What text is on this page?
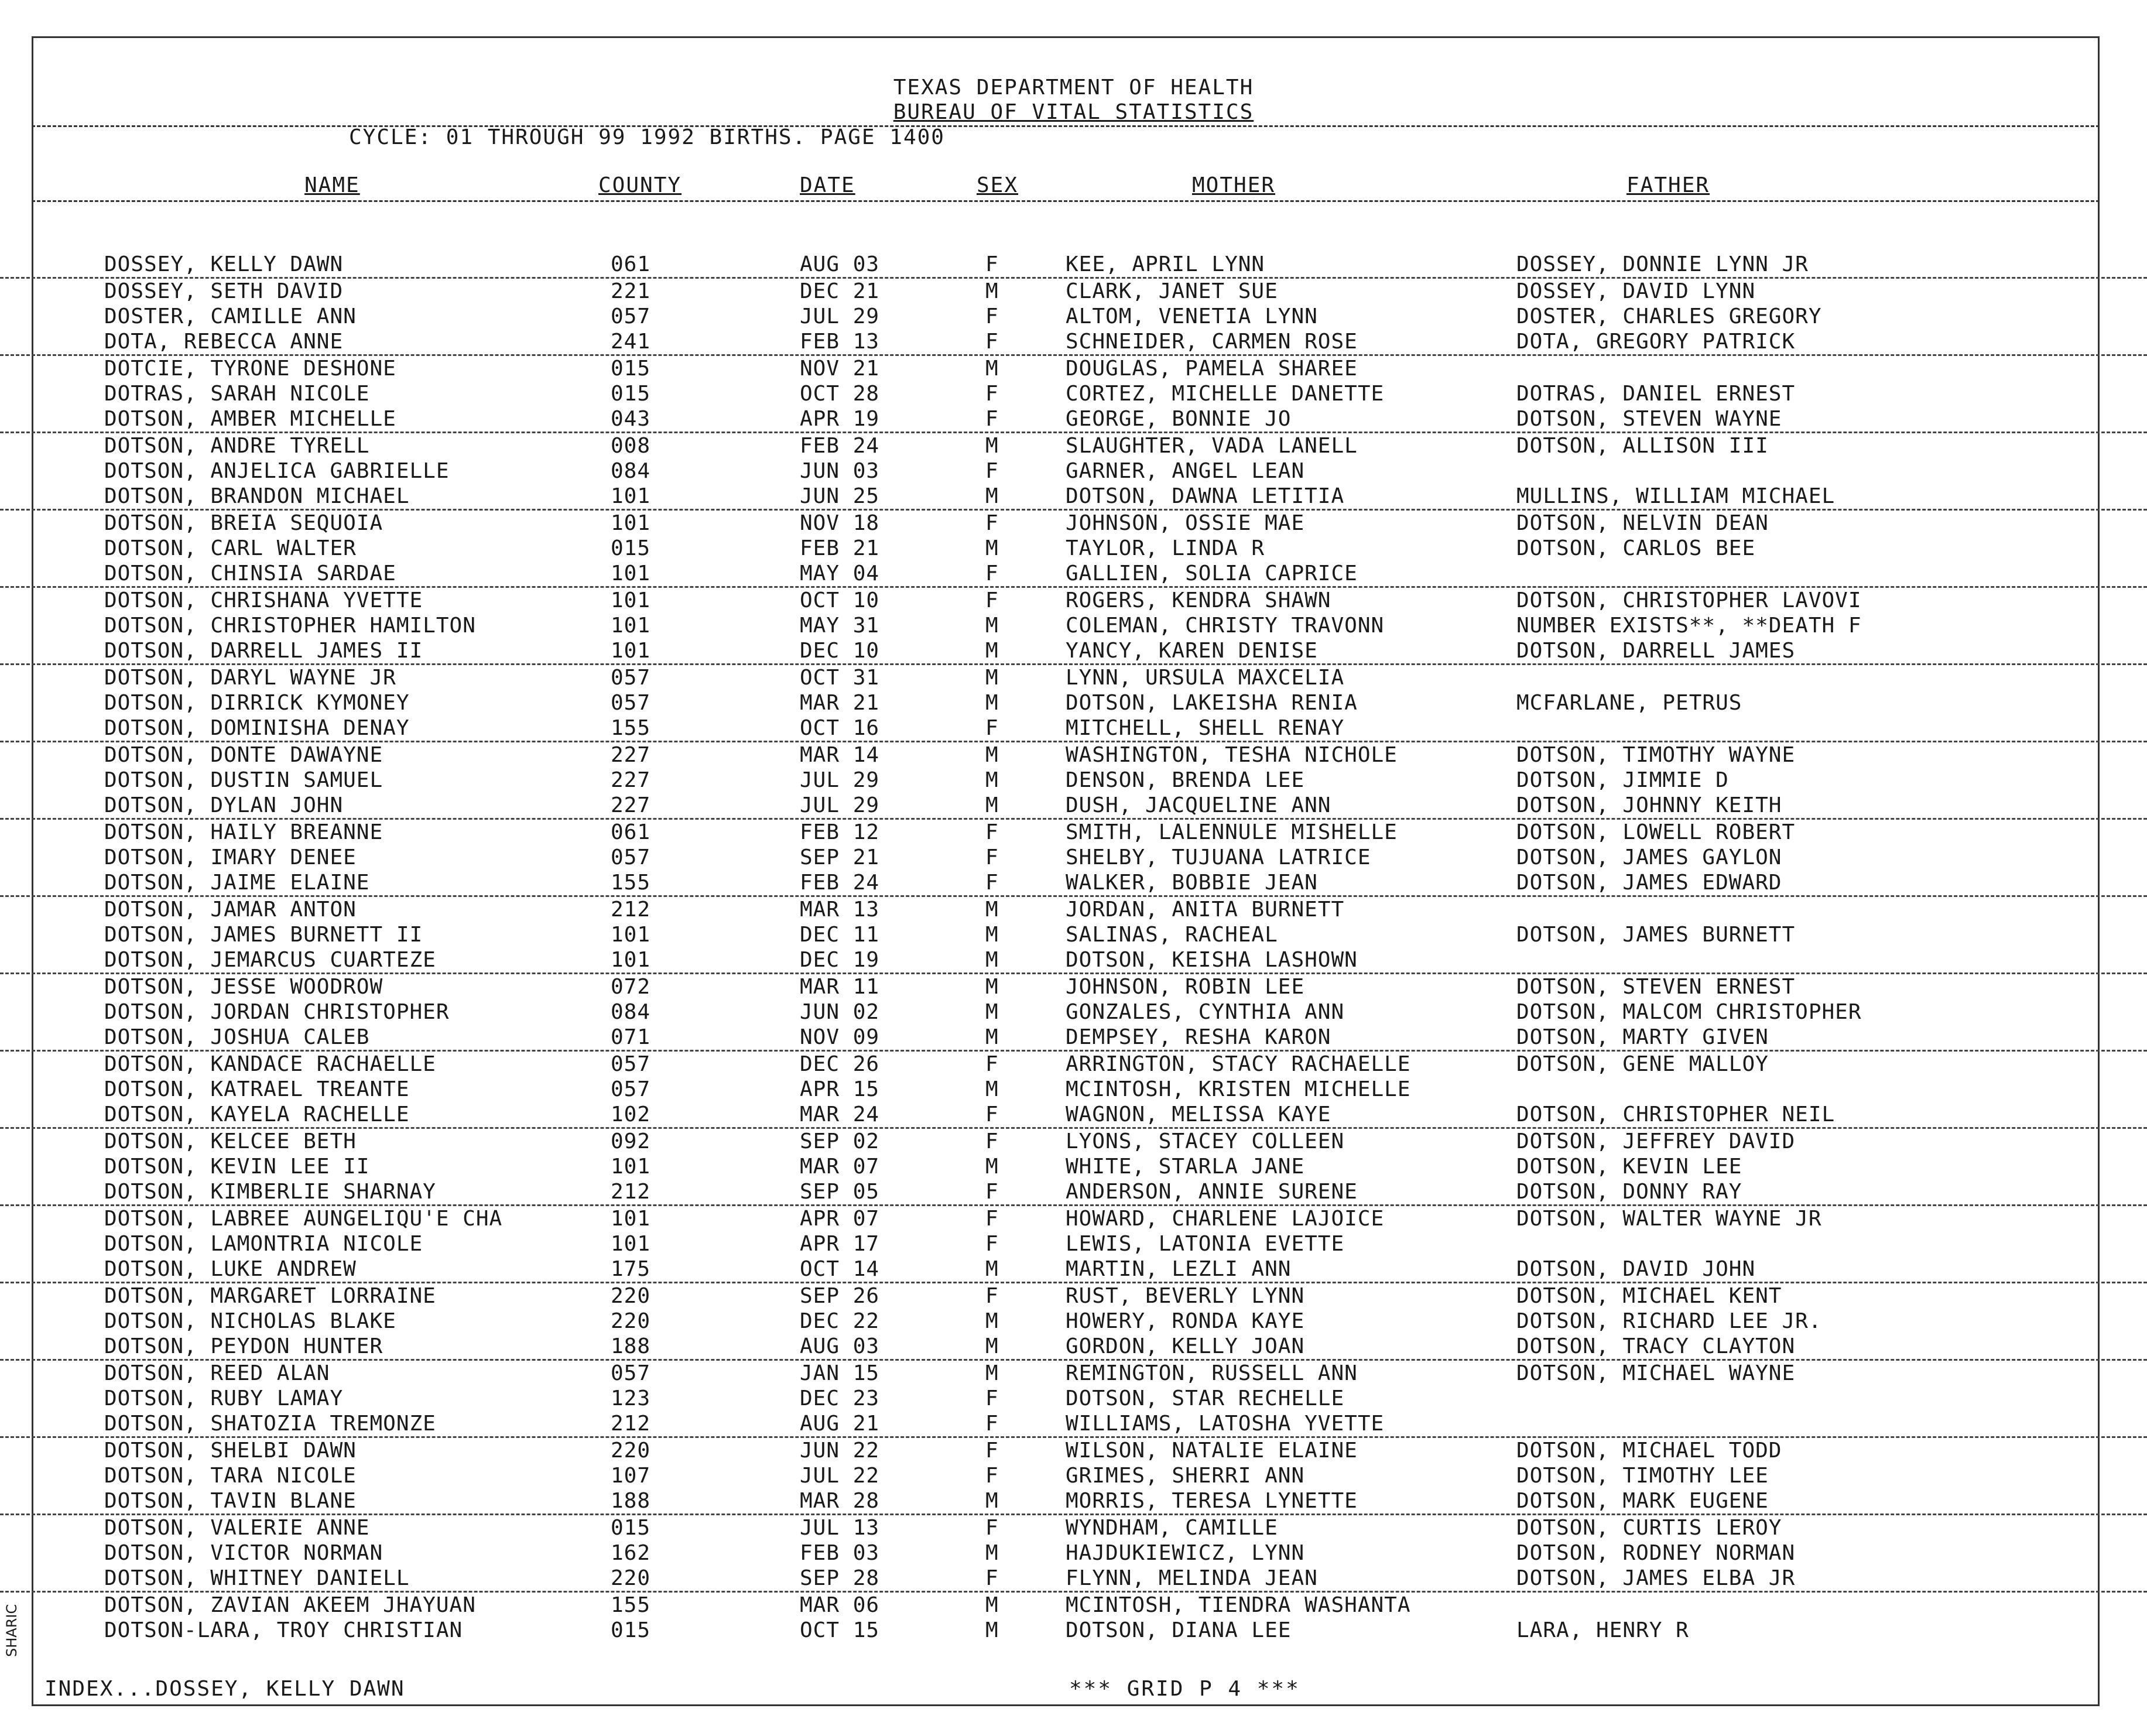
TEXAS DEPARTMENT OF HEALTH
BUREAU OF VITAL STATISTICS
CYCLE: 01 THROUGH 99 1992 BIRTHS. PAGE 1400
NAME	COUNTY	DATE	SEX	MOTHER	FATHER
DOSSEY, KELLY DAWN	061	AUG 03	F	KEE, APRIL LYNN	DOSSEY, DONNIE LYNN JR
DOSSEY, SETH DAVID	221	DEC 21	M	CLARK, JANET SUE	DOSSEY, DAVID LYNN
DOSTER, CAMILLE ANN	057	JUL 29	F	ALTOM, VENETIA LYNN	DOSTER, CHARLES GREGORY
DOTA, REBECCA ANNE	241	FEB 13	F	SCHNEIDER, CARMEN ROSE	DOTA, GREGORY PATRICK
DOTCIE, TYRONE DESHONE	015	NOV 21	M	DOUGLAS, PAMELA SHAREE
DOTRAS, SARAH NICOLE	015	OCT 28	F	CORTEZ, MICHELLE DANETTE	DOTRAS, DANIEL ERNEST
DOTSON, AMBER MICHELLE	043	APR 19	F	GEORGE, BONNIE JO	DOTSON, STEVEN WAYNE
DOTSON, ANDRE TYRELL	008	FEB 24	M	SLAUGHTER, VADA LANELL	DOTSON, ALLISON III
DOTSON, ANJELICA GABRIELLE	084	JUN 03	F	GARNER, ANGEL LEAN
DOTSON, BRANDON MICHAEL	101	JUN 25	M	DOTSON, DAWNA LETITIA	MULLINS, WILLIAM MICHAEL
DOTSON, BREIA SEQUOIA	101	NOV 18	F	JOHNSON, OSSIE MAE	DOTSON, NELVIN DEAN
DOTSON, CARL WALTER	015	FEB 21	M	TAYLOR, LINDA R	DOTSON, CARLOS BEE
DOTSON, CHINSIA SARDAE	101	MAY 04	F	GALLIEN, SOLIA CAPRICE
DOTSON, CHRISHANA YVETTE	101	OCT 10	F	ROGERS, KENDRA SHAWN	DOTSON, CHRISTOPHER LAVOVI
DOTSON, CHRISTOPHER HAMILTON	101	MAY 31	M	COLEMAN, CHRISTY TRAVONN	NUMBER EXISTS**, **DEATH F
DOTSON, DARRELL JAMES II	101	DEC 10	M	YANCY, KAREN DENISE	DOTSON, DARRELL JAMES
DOTSON, DARYL WAYNE JR	057	OCT 31	M	LYNN, URSULA MAXCELIA
DOTSON, DIRRICK KYMONEY	057	MAR 21	M	DOTSON, LAKEISHA RENIA	MCFARLANE, PETRUS
DOTSON, DOMINISHA DENAY	155	OCT 16	F	MITCHELL, SHELL RENAY
DOTSON, DONTE DAWAYNE	227	MAR 14	M	WASHINGTON, TESHA NICHOLE	DOTSON, TIMOTHY WAYNE
DOTSON, DUSTIN SAMUEL	227	JUL 29	M	DENSON, BRENDA LEE	DOTSON, JIMMIE D
DOTSON, DYLAN JOHN	227	JUL 29	M	DUSH, JACQUELINE ANN	DOTSON, JOHNNY KEITH
DOTSON, HAILY BREANNE	061	FEB 12	F	SMITH, LALENNULE MISHELLE	DOTSON, LOWELL ROBERT
DOTSON, IMARY DENEE	057	SEP 21	F	SHELBY, TUJUANA LATRICE	DOTSON, JAMES GAYLON
DOTSON, JAIME ELAINE	155	FEB 24	F	WALKER, BOBBIE JEAN	DOTSON, JAMES EDWARD
DOTSON, JAMAR ANTON	212	MAR 13	M	JORDAN, ANITA BURNETT
DOTSON, JAMES BURNETT II	101	DEC 11	M	SALINAS, RACHEAL	DOTSON, JAMES BURNETT
DOTSON, JEMARCUS CUARTEZE	101	DEC 19	M	DOTSON, KEISHA LASHOWN
DOTSON, JESSE WOODROW	072	MAR 11	M	JOHNSON, ROBIN LEE	DOTSON, STEVEN ERNEST
DOTSON, JORDAN CHRISTOPHER	084	JUN 02	M	GONZALES, CYNTHIA ANN	DOTSON, MALCOM CHRISTOPHER
DOTSON, JOSHUA CALEB	071	NOV 09	M	DEMPSEY, RESHA KARON	DOTSON, MARTY GIVEN
DOTSON, KANDACE RACHAELLE	057	DEC 26	F	ARRINGTON, STACY RACHAELLE	DOTSON, GENE MALLOY
DOTSON, KATRAEL TREANTE	057	APR 15	M	MCINTOSH, KRISTEN MICHELLE
DOTSON, KAYELA RACHELLE	102	MAR 24	F	WAGNON, MELISSA KAYE	DOTSON, CHRISTOPHER NEIL
DOTSON, KELCEE BETH	092	SEP 02	F	LYONS, STACEY COLLEEN	DOTSON, JEFFREY DAVID
DOTSON, KEVIN LEE II	101	MAR 07	M	WHITE, STARLA JANE	DOTSON, KEVIN LEE
DOTSON, KIMBERLIE SHARNAY	212	SEP 05	F	ANDERSON, ANNIE SURENE	DOTSON, DONNY RAY
DOTSON, LABREE AUNGELIQU'E CHA	101	APR 07	F	HOWARD, CHARLENE LAJOICE	DOTSON, WALTER WAYNE JR
DOTSON, LAMONTRIA NICOLE	101	APR 17	F	LEWIS, LATONIA EVETTE
DOTSON, LUKE ANDREW	175	OCT 14	M	MARTIN, LEZLI ANN	DOTSON, DAVID JOHN
DOTSON, MARGARET LORRAINE	220	SEP 26	F	RUST, BEVERLY LYNN	DOTSON, MICHAEL KENT
DOTSON, NICHOLAS BLAKE	220	DEC 22	M	HOWERY, RONDA KAYE	DOTSON, RICHARD LEE JR.
DOTSON, PEYDON HUNTER	188	AUG 03	M	GORDON, KELLY JOAN	DOTSON, TRACY CLAYTON
DOTSON, REED ALAN	057	JAN 15	M	REMINGTON, RUSSELL ANN	DOTSON, MICHAEL WAYNE
DOTSON, RUBY LAMAY	123	DEC 23	F	DOTSON, STAR RECHELLE
DOTSON, SHATOZIA TREMONZE	212	AUG 21	F	WILLIAMS, LATOSHA YVETTE
DOTSON, SHELBI DAWN	220	JUN 22	F	WILSON, NATALIE ELAINE	DOTSON, MICHAEL TODD
DOTSON, TARA NICOLE	107	JUL 22	F	GRIMES, SHERRI ANN	DOTSON, TIMOTHY LEE
DOTSON, TAVIN BLANE	188	MAR 28	M	MORRIS, TERESA LYNETTE	DOTSON, MARK EUGENE
DOTSON, VALERIE ANNE	015	JUL 13	F	WYNDHAM, CAMILLE	DOTSON, CURTIS LEROY
DOTSON, VICTOR NORMAN	162	FEB 03	M	HAJDUKIEWICZ, LYNN	DOTSON, RODNEY NORMAN
DOTSON, WHITNEY DANIELL	220	SEP 28	F	FLYNN, MELINDA JEAN	DOTSON, JAMES ELBA JR
DOTSON, ZAVIAN AKEEM JHAYUAN	155	MAR 06	M	MCINTOSH, TIENDRA WASHANTA
DOTSON-LARA, TROY CHRISTIAN	015	OCT 15	M	DOTSON, DIANA LEE	LARA, HENRY R
INDEX...DOSSEY, KELLY DAWN	*** GRID P 4 ***
SHARIC
